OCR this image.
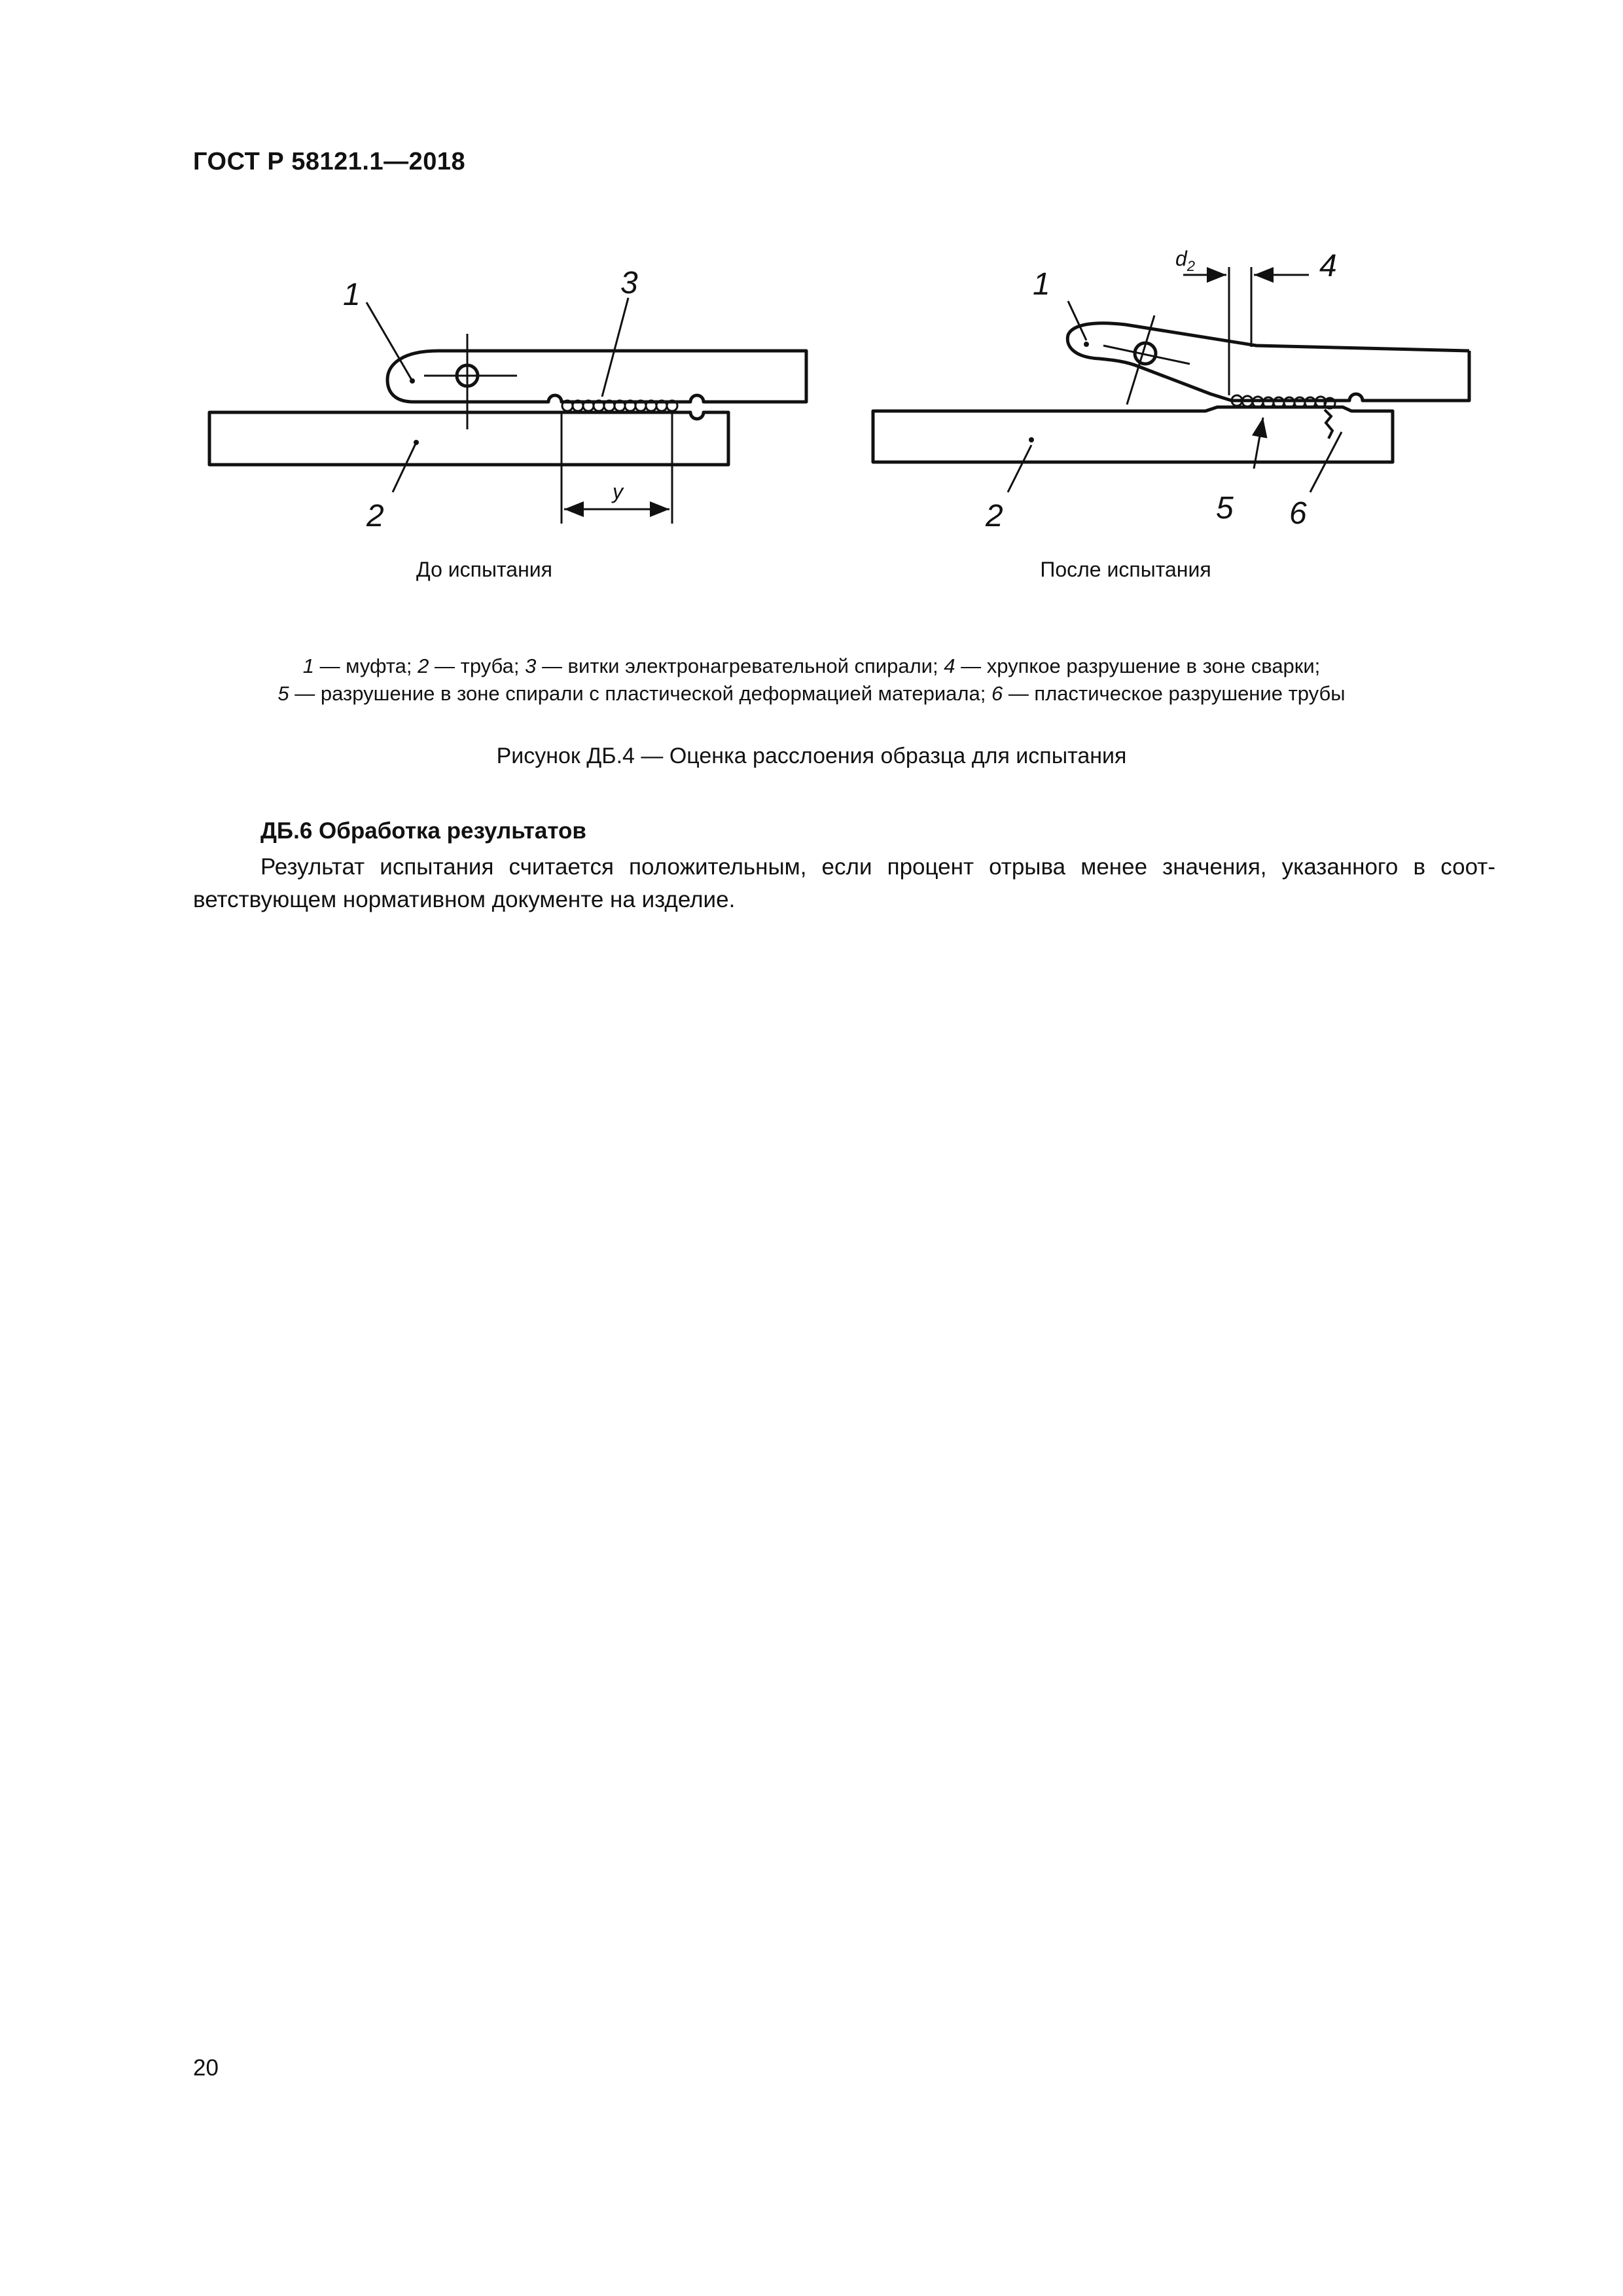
ГОСТ Р 58121.1—2018
1	3
2
y
1
4
2	5 6
$d_2$
До испытания	После испытания
1 — муфта; 2 — труба; 3 — витки электронагревательной спирали; 4 — хрупкое разрушение в зоне сварки;
5 — разрушение в зоне спирали с пластической деформацией материала; 6 — пластическое разрушение трубы
Рисунок ДБ.4 — Оценка расслоения образца для испытания
ДБ.6 Обработка результатов
Результат испытания считается положительным, если процент отрыва менее значения, указанного в соот-
ветствующем нормативном документе на изделие.
20
